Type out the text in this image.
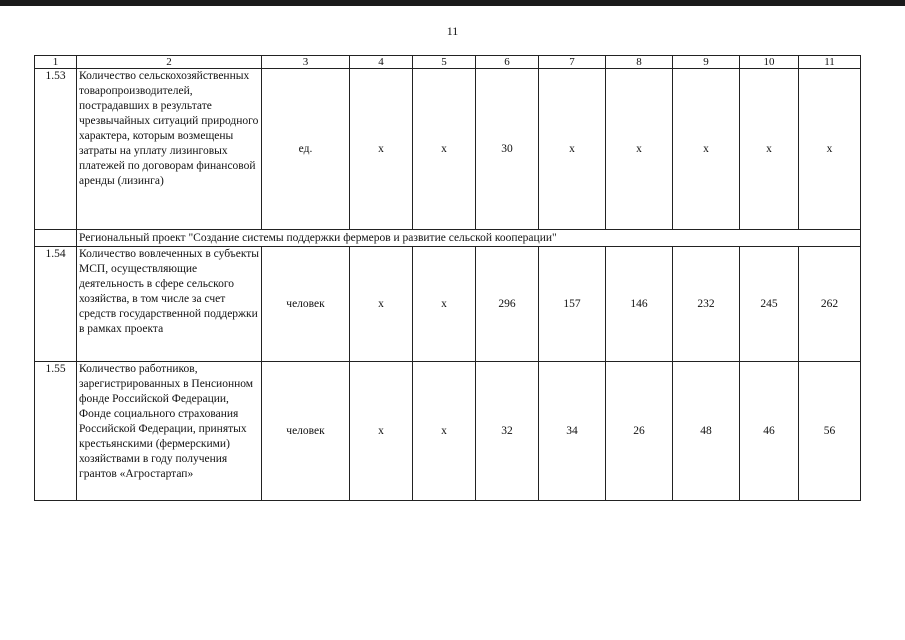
11
1	2	3	4	5	6	7	8	9	10	11
1.53	Количество сельскохозяйственных товаропроизводителей, пострадавших в результате чрезвычайных ситуаций природного характера, которым возмещены затраты на уплату лизинговых платежей по договорам финансовой аренды (лизинга)	ед.	х	х	30	х	х	х	х	х
	Региональный проект "Создание системы поддержки фермеров и развитие сельской кооперации"									
1.54	Количество вовлеченных в субъекты МСП, осуществляющие деятельность в сфере сельского хозяйства, в том числе за счет средств государственной поддержки в рамках проекта	человек	х	х	296	157	146	232	245	262
1.55	Количество работников, зарегистрированных в Пенсионном фонде Российской Федерации, Фонде социального страхования Российской Федерации, принятых крестьянскими (фермерскими) хозяйствами в году получения грантов «Агростартап»	человек	х	х	32	34	26	48	46	56
